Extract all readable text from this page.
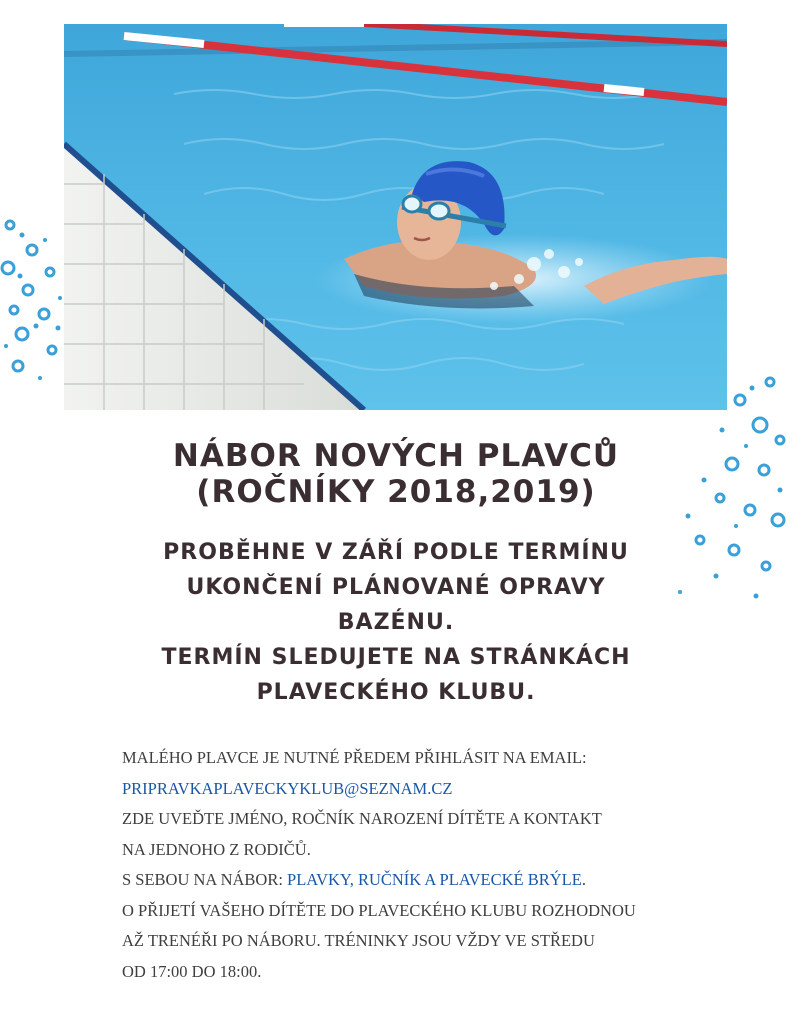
NÁBOR NOVÝCH PLAVCŮ
(ROČNÍKY 2018,2019)
PROBĚHNE V ZÁŘÍ PODLE TERMÍNU
UKONČENÍ PLÁNOVANÉ OPRAVY
BAZÉNU.
TERMÍN SLEDUJETE NA STRÁNKÁCH
PLAVECKÉHO KLUBU.
MALÉHO PLAVCE JE NUTNÉ PŘEDEM PŘIHLÁSIT NA EMAIL:
PRIPRAVKAPLAVECKYKLUB@SEZNAM.CZ
ZDE UVEĎTE JMÉNO, ROČNÍK NAROZENÍ DÍTĚTE A KONTAKT
NA JEDNOHO Z RODIČŮ.
S SEBOU NA NÁBOR: PLAVKY, RUČNÍK A PLAVECKÉ BRÝLE.
O PŘIJETÍ VAŠEHO DÍTĚTE DO PLAVECKÉHO KLUBU ROZHODNOU
AŽ TRENÉŘI PO NÁBORU. TRÉNINKY JSOU VŽDY VE STŘEDU
OD 17:00 DO 18:00.
